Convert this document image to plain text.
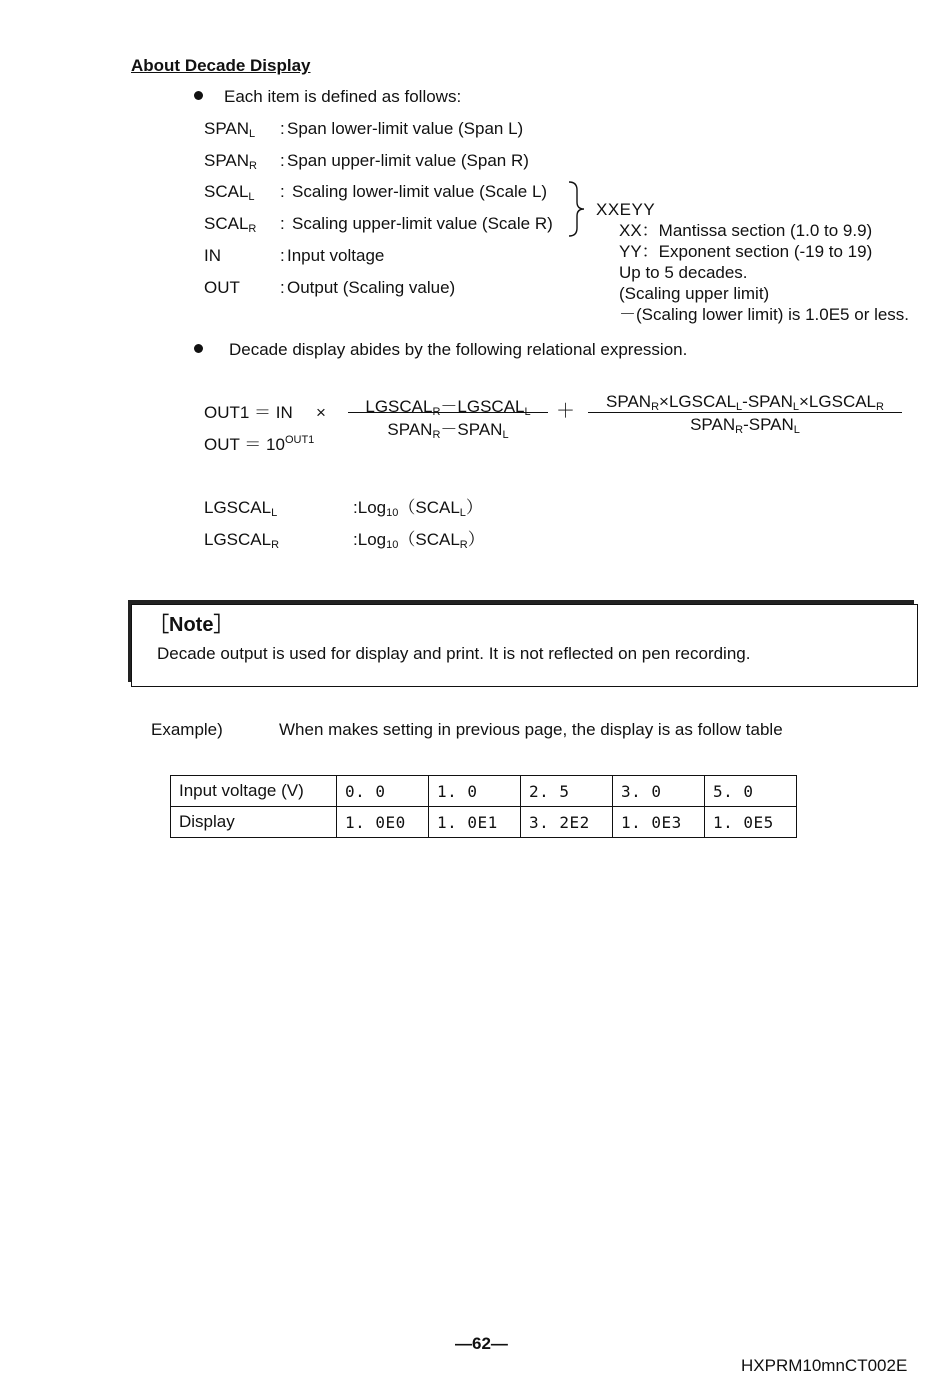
About Decade Display
Each item is defined as follows:
$SPAN_L$ : Span lower-limit value (Span L)
$SPAN_R$ : Span upper-limit value (Span R)
$SCAL_L$ : Scaling lower-limit value (Scale L)
$SCAL_R$ : Scaling upper-limit value (Scale R)
IN	: Input voltage
OUT : Output (Scaling value)
XXEYY
XX：Mantissa section (1.0 to 9.9)
YY：Exponent section (-19 to 19)
Up to 5 decades.
(Scaling upper limit)
－(Scaling lower limit) is 1.0E5 or less.
Decade display abides by the following relational expression.
OUT1 ＝ IN ×	$LGSCAL_R-LGSCAL_L$
$SPAN_R-SPAN_L$
＋	$SPAN_R\times LGSCAL_L-SPAN_L\times LGSCAL_R$
$SPAN_R-SPAN_L$
OUT ＝ $10^{OUT1}$
$LGSCAL_L$	$:Log_{10}(SCAL_L)$
$LGSCAL_R$	$:Log_{10}(SCAL_R)$
［Note］
Decade output is used for display and print. It is not reflected on pen recording.
Example)	When makes setting in previous page, the display is as follow table
Input voltage (V)	0. 0	1. 0	2. 5	3. 0	5. 0
Display	1. 0E0	1. 0E1	3. 2E2	1. 0E3	1. 0E5
—62—
HXPRM10mnCT002E
